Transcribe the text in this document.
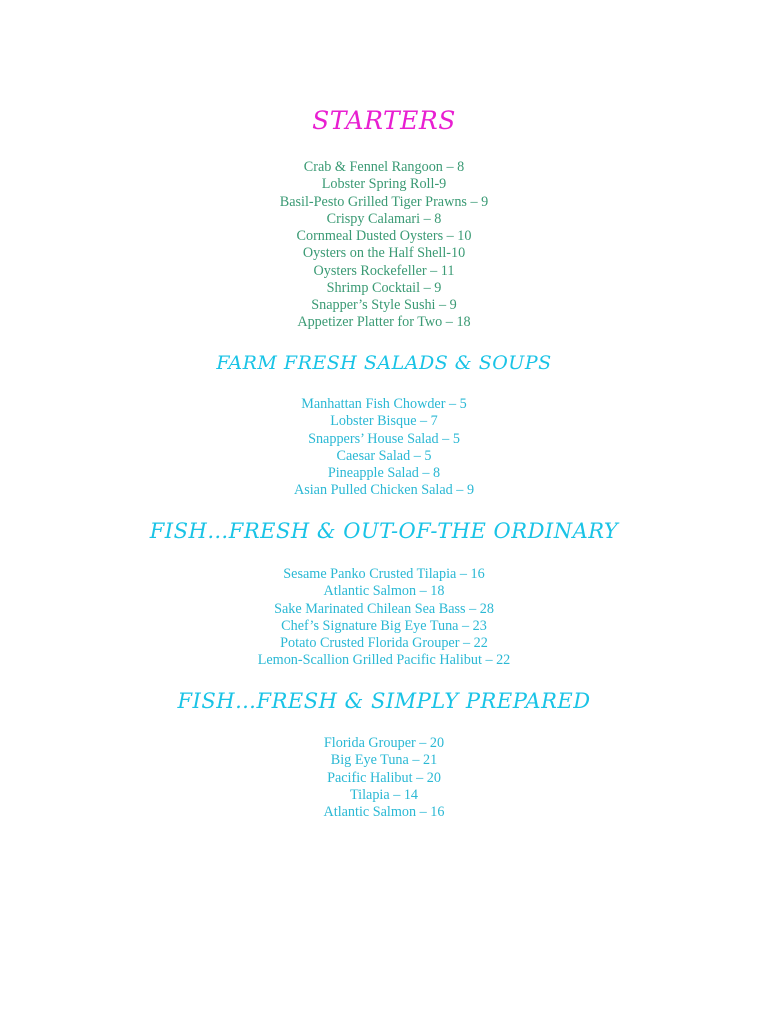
STARTERS
Crab & Fennel Rangoon – 8
Lobster Spring Roll-9
Basil-Pesto Grilled Tiger Prawns – 9
Crispy Calamari – 8
Cornmeal Dusted Oysters – 10
Oysters on the Half Shell-10
Oysters Rockefeller – 11
Shrimp Cocktail – 9
Snapper’s Style Sushi – 9
Appetizer Platter for Two – 18
FARM FRESH SALADS & SOUPS
Manhattan Fish Chowder – 5
Lobster Bisque – 7
Snappers’ House Salad – 5
Caesar Salad – 5
Pineapple Salad – 8
Asian Pulled Chicken Salad – 9
FISH…FRESH & OUT-OF-THE ORDINARY
Sesame Panko Crusted Tilapia – 16
Atlantic Salmon – 18
Sake Marinated Chilean Sea Bass – 28
Chef’s Signature Big Eye Tuna – 23
Potato Crusted Florida Grouper – 22
Lemon-Scallion Grilled Pacific Halibut – 22
FISH…FRESH & SIMPLY PREPARED
Florida Grouper – 20
Big Eye Tuna – 21
Pacific Halibut – 20
Tilapia – 14
Atlantic Salmon – 16
